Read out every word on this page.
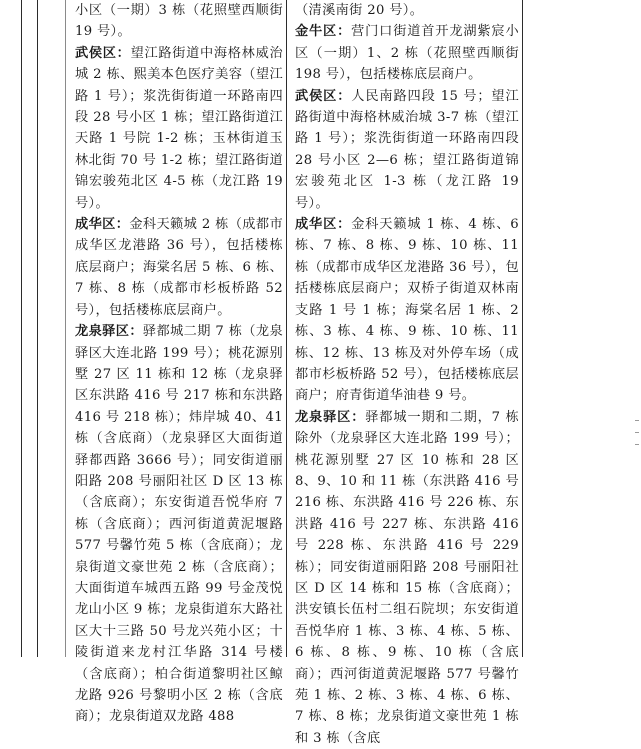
小区（一期）3 栋（花照壁西顺街 19 号）。

武侯区：望江路街道中海格林威治城 2 栋、熙美本色医疗美容（望江路 1 号）；浆洗街街道一环路南四段 28 号小区 1 栋；望江路街道江天路 1 号院 1-2 栋；玉林街道玉林北街 70 号 1-2 栋；望江路街道锦宏骏苑北区 4-5 栋（龙江路 19 号）。

成华区：金科天籁城 2 栋（成都市成华区龙港路 36 号），包括楼栋底层商户；海棠名居 5 栋、6 栋、7 栋、8 栋（成都市杉板桥路 52 号），包括楼栋底层商户。

龙泉驿区：驿都城二期 7 栋（龙泉驿区大连北路 199 号）；桃花源别墅 27 区 11 栋和 12 栋（龙泉驿区东洪路 416 号 217 栋和东洪路 416 号 218 栋）；炜岸城 40、41 栋（含底商）（龙泉驿区大面街道驿都西路 3666 号）；同安街道丽阳路 208 号丽阳社区 D 区 13 栋（含底商）；东安街道吾悦华府 7 栋（含底商）；西河街道黄泥堰路 577 号馨竹苑 5 栋（含底商）；龙泉街道文豪世苑 2 栋（含底商）；大面街道车城西五路 99 号金茂悦龙山小区 9 栋；龙泉街道东大路社区大十三路 50 号龙兴苑小区；十陵街道来龙村江华路 314 号楼（含底商）；柏合街道黎明社区鲸龙路 926 号黎明小区 2 栋（含底商）；龙泉街道双龙路 488

（清溪南街 20 号）。

金牛区：营门口街道首开龙湖紫宸小区（一期）1、2 栋（花照壁西顺街 198 号），包括楼栋底层商户。

武侯区：人民南路四段 15 号；望江路街道中海格林威治城 3-7 栋（望江路 1 号）；浆洗街街道一环路南四段 28 号小区 2—6 栋；望江路街道锦宏骏苑北区 1-3 栋（龙江路 19 号）。

成华区：金科天籁城 1 栋、4 栋、6 栋、7 栋、8 栋、9 栋、10 栋、11 栋（成都市成华区龙港路 36 号），包括楼栋底层商户；双桥子街道双林南支路 1 号 1 栋；海棠名居 1 栋、2 栋、3 栋、4 栋、9 栋、10 栋、11 栋、12 栋、13 栋及对外停车场（成都市杉板桥路 52 号），包括楼栋底层商户；府青街道华油巷 9 号。

龙泉驿区：驿都城一期和二期，7 栋除外（龙泉驿区大连北路 199 号）；桃花源别墅 27 区 10 栋和 28 区 8、9、10 和 11 栋（东洪路 416 号 216 栋、东洪路 416 号 226 栋、东洪路 416 号 227 栋、东洪路 416 号 228 栋、东洪路 416 号 229 栋）；同安街道丽阳路 208 号丽阳社区 D 区 14 栋和 15 栋（含底商）；洪安镇长伍村二组石院坝；东安街道吾悦华府 1 栋、3 栋、4 栋、5 栋、6 栋、8 栋、9 栋、10 栋（含底商）；西河街道黄泥堰路 577 号馨竹苑 1 栋、2 栋、3 栋、4 栋、6 栋、7 栋、8 栋；龙泉街道文豪世苑 1 栋和 3 栋（含底
